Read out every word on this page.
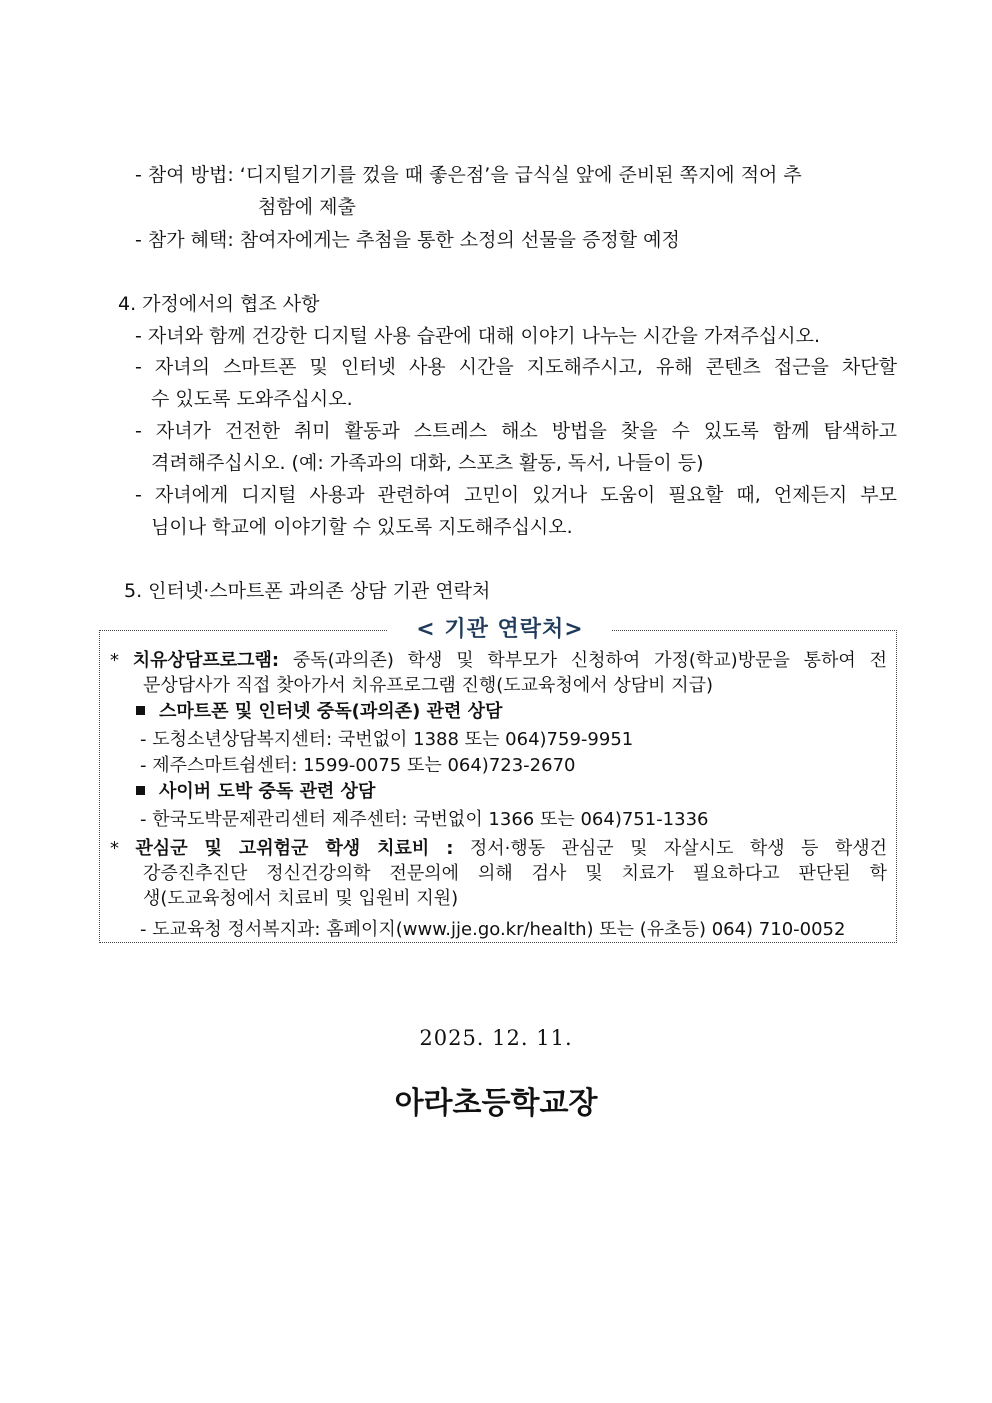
- 참여 방법: ‘디지털기기를 껐을 때 좋은점’을 급식실 앞에 준비된 쪽지에 적어 추
첨함에 제출
- 참가 혜택: 참여자에게는 추첨을 통한 소정의 선물을 증정할 예정
4. 가정에서의 협조 사항
- 자녀와 함께 건강한 디지털 사용 습관에 대해 이야기 나누는 시간을 가져주십시오.
- 자녀의 스마트폰 및 인터넷 사용 시간을 지도해주시고, 유해 콘텐츠 접근을 차단할
수 있도록 도와주십시오.
- 자녀가 건전한 취미 활동과 스트레스 해소 방법을 찾을 수 있도록 함께 탐색하고
격려해주십시오. (예: 가족과의 대화, 스포츠 활동, 독서, 나들이 등)
- 자녀에게 디지털 사용과 관련하여 고민이 있거나 도움이 필요할 때, 언제든지 부모
님이나 학교에 이야기할 수 있도록 지도해주십시오.
5. 인터넷·스마트폰 과의존 상담 기관 연락처
< 기관 연락처>
* 치유상담프로그램: 중독(과의존) 학생 및 학부모가 신청하여 가정(학교)방문을 통하여 전
문상담사가 직접 찾아가서 치유프로그램 진행(도교육청에서 상담비 지급)
스마트폰 및 인터넷 중독(과의존) 관련 상담
- 도청소년상담복지센터: 국번없이 1388 또는 064)759-9951
- 제주스마트쉼센터: 1599-0075 또는 064)723-2670
사이버 도박 중독 관련 상담
- 한국도박문제관리센터 제주센터: 국번없이 1366 또는 064)751-1336
* 관심군 및 고위험군 학생 치료비 : 정서·행동 관심군 및 자살시도 학생 등 학생건
강증진추진단 정신건강의학 전문의에 의해 검사 및 치료가 필요하다고 판단된 학
생(도교육청에서 치료비 및 입원비 지원)
- 도교육청 정서복지과: 홈페이지(www.jje.go.kr/health) 또는 (유초등) 064) 710-0052
2025. 12. 11.
아라초등학교장
